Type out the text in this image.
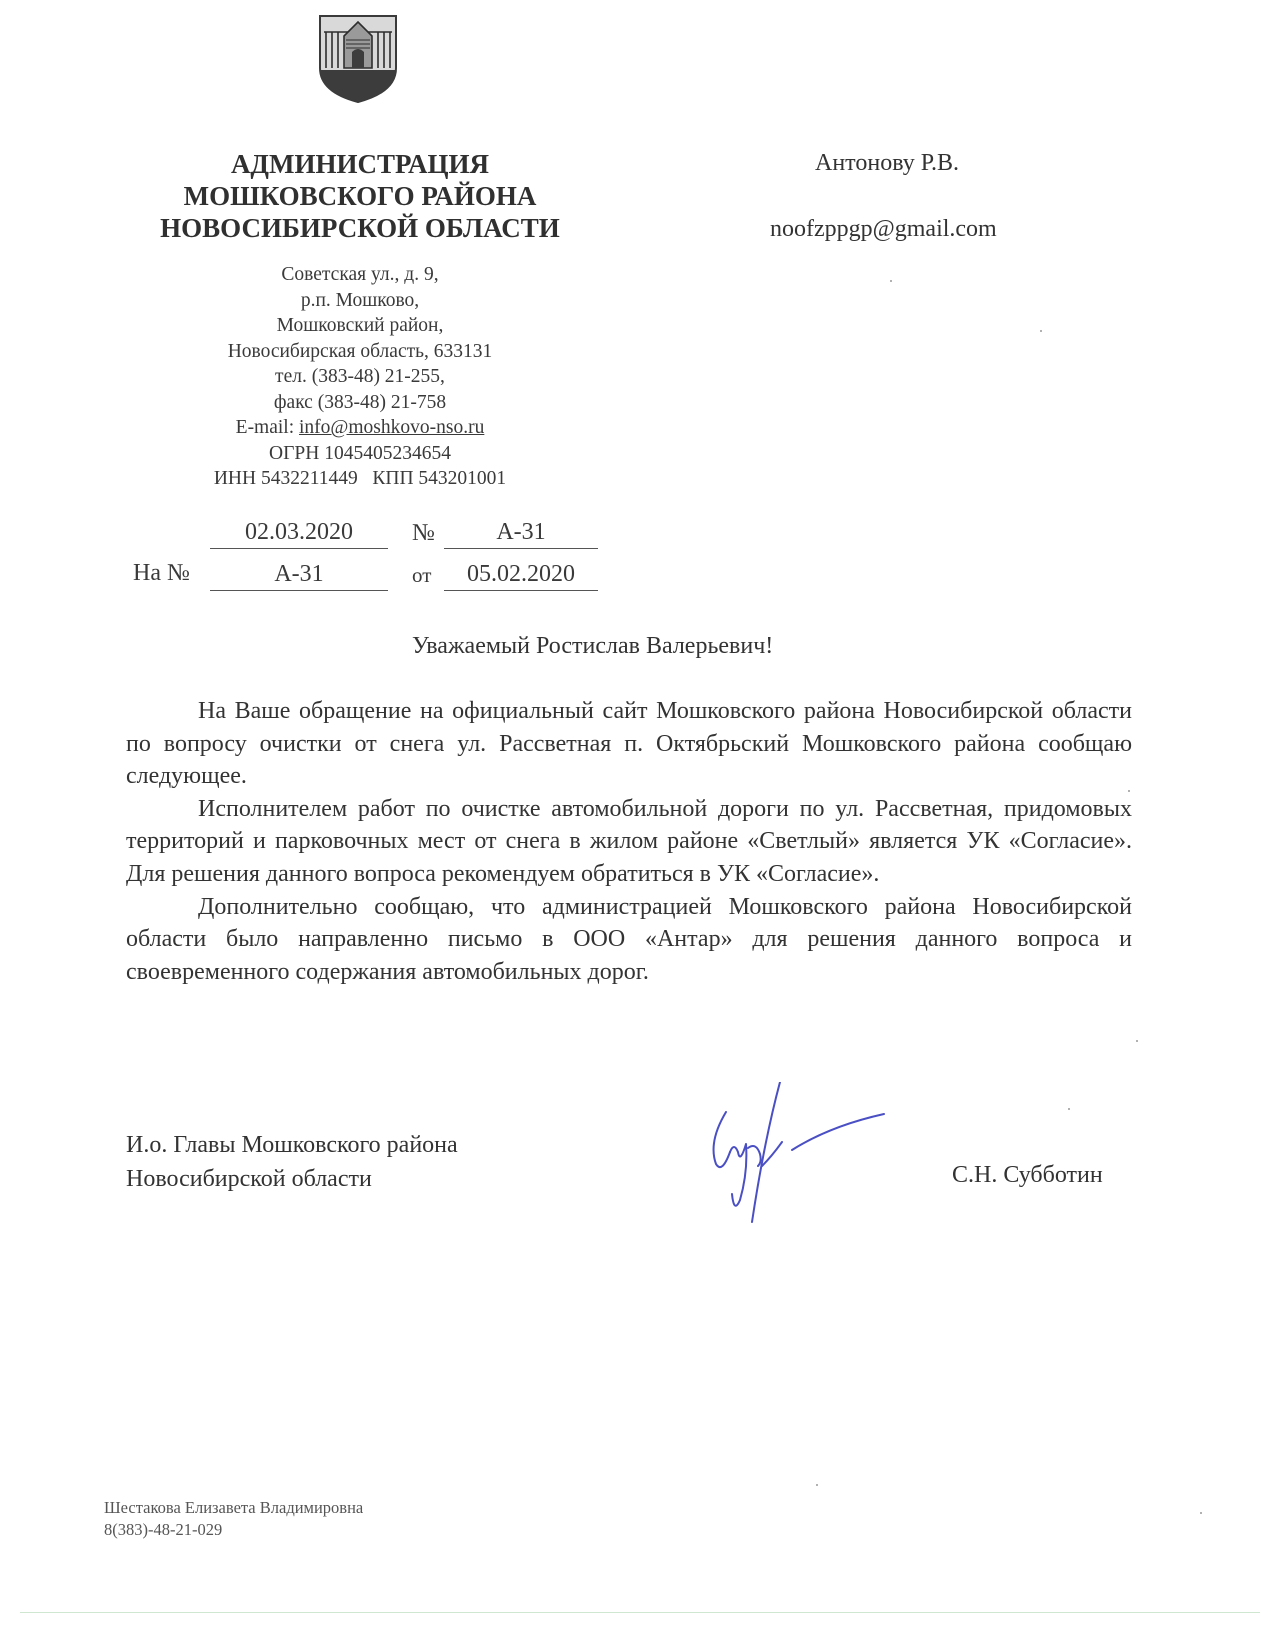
АДМИНИСТРАЦИЯ
МОШКОВСКОГО РАЙОНА
НОВОСИБИРСКОЙ ОБЛАСТИ
Советская ул., д. 9,
р.п. Мошково,
Мошковский район,
Новосибирская область, 633131
тел. (383-48) 21-255,
факс (383-48) 21-758
E-mail: info@moshkovo-nso.ru
ОГРН 1045405234654
ИНН 5432211449   КПП 543201001
Антонову Р.В.
noofzppgp@gmail.com
02.03.2020	№	А-31
На №	А-31	от	05.02.2020
Уважаемый Ростислав Валерьевич!

На Ваше обращение на официальный сайт Мошковского района Новосибирской области по вопросу очистки от снега ул. Рассветная п. Октябрьский Мошковского района сообщаю следующее.

Исполнителем работ по очистке автомобильной дороги по ул. Рассветная, придомовых территорий и парковочных мест от снега в жилом районе «Светлый» является УК «Согласие». Для решения данного вопроса рекомендуем обратиться в УК «Согласие».

Дополнительно сообщаю, что администрацией Мошковского района Новосибирской области было направленно письмо в ООО «Антар» для решения данного вопроса и своевременного содержания автомобильных дорог.

И.о. Главы Мошковского района
Новосибирской области	С.Н. Субботин
Шестакова Елизавета Владимировна
8(383)-48-21-029
